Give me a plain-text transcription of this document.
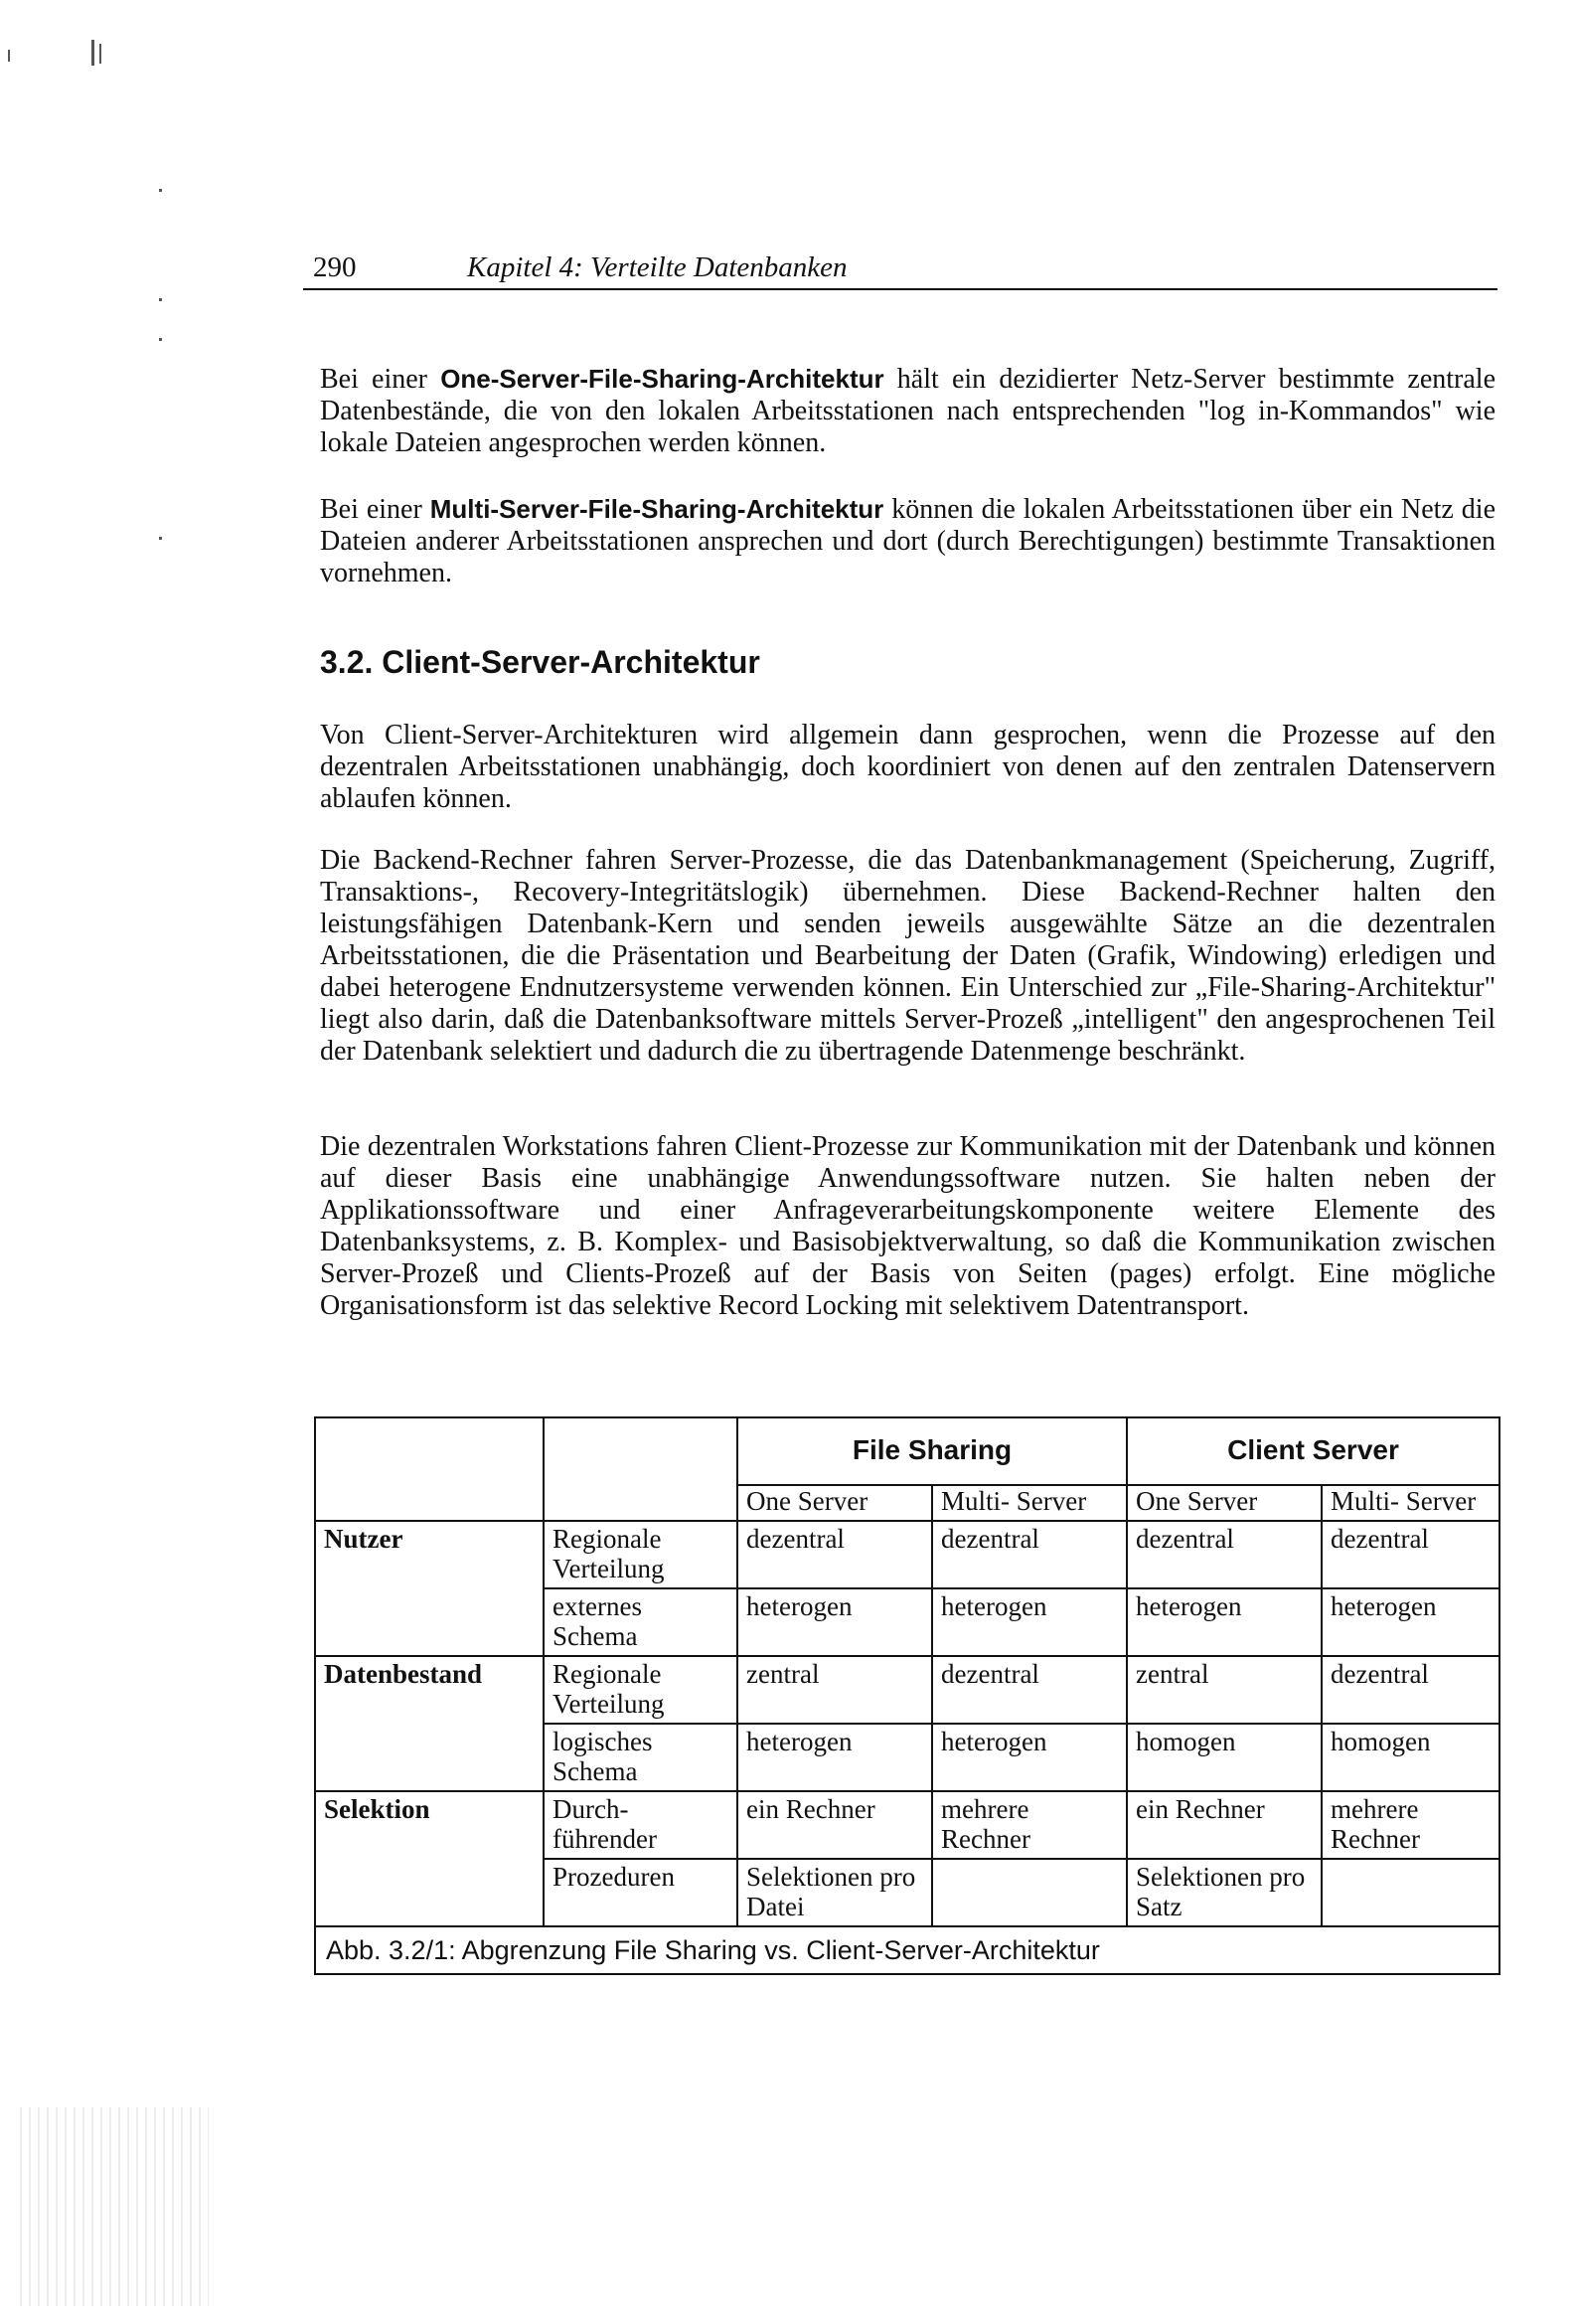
290	Kapitel 4: Verteilte Datenbanken
Bei einer One-Server-File-Sharing-Architektur hält ein dezidierter Netz-Server bestimmte zentrale Datenbestände, die von den lokalen Arbeitsstationen nach entsprechenden "log in-Kommandos" wie lokale Dateien angesprochen werden können.
Bei einer Multi-Server-File-Sharing-Architektur können die lokalen Arbeitsstationen über ein Netz die Dateien anderer Arbeitsstationen ansprechen und dort (durch Berechtigungen) bestimmte Transaktionen vornehmen.
3.2. Client-Server-Architektur
Von Client-Server-Architekturen wird allgemein dann gesprochen, wenn die Prozesse auf den dezentralen Arbeitsstationen unabhängig, doch koordiniert von denen auf den zentralen Datenservern ablaufen können.
Die Backend-Rechner fahren Server-Prozesse, die das Datenbankmanagement (Speicherung, Zugriff, Transaktions-, Recovery-Integritätslogik) übernehmen. Diese Backend-Rechner halten den leistungsfähigen Datenbank-Kern und senden jeweils ausgewählte Sätze an die dezentralen Arbeitsstationen, die die Präsentation und Bearbeitung der Daten (Grafik, Windowing) erledigen und dabei heterogene Endnutzersysteme verwenden können. Ein Unterschied zur „File-Sharing-Architektur" liegt also darin, daß die Datenbanksoftware mittels Server-Prozeß „intelligent" den angesprochenen Teil der Datenbank selektiert und dadurch die zu übertragende Datenmenge beschränkt.
Die dezentralen Workstations fahren Client-Prozesse zur Kommunikation mit der Datenbank und können auf dieser Basis eine unabhängige Anwendungssoftware nutzen. Sie halten neben der Applikationssoftware und einer Anfrageverarbeitungskomponente weitere Elemente des Datenbanksystems, z. B. Komplex- und Basisobjektverwaltung, so daß die Kommunikation zwischen Server-Prozeß und Clients-Prozeß auf der Basis von Seiten (pages) erfolgt. Eine mögliche Organisationsform ist das selektive Record Locking mit selektivem Datentransport.
		File Sharing		Client Server	
		One Server	Multi- Server	One Server	Multi- Server
Nutzer	Regionale Verteilung	dezentral	dezentral	dezentral	dezentral
	externes Schema	heterogen	heterogen	heterogen	heterogen
Datenbestand	Regionale Verteilung	zentral	dezentral	zentral	dezentral
	logisches Schema	heterogen	heterogen	homogen	homogen
Selektion	Durch-führender	ein Rechner	mehrere Rechner	ein Rechner	mehrere Rechner
	Prozeduren	Selektionen pro Datei		Selektionen pro Satz	
Abb. 3.2/1: Abgrenzung File Sharing vs. Client-Server-Architektur					
